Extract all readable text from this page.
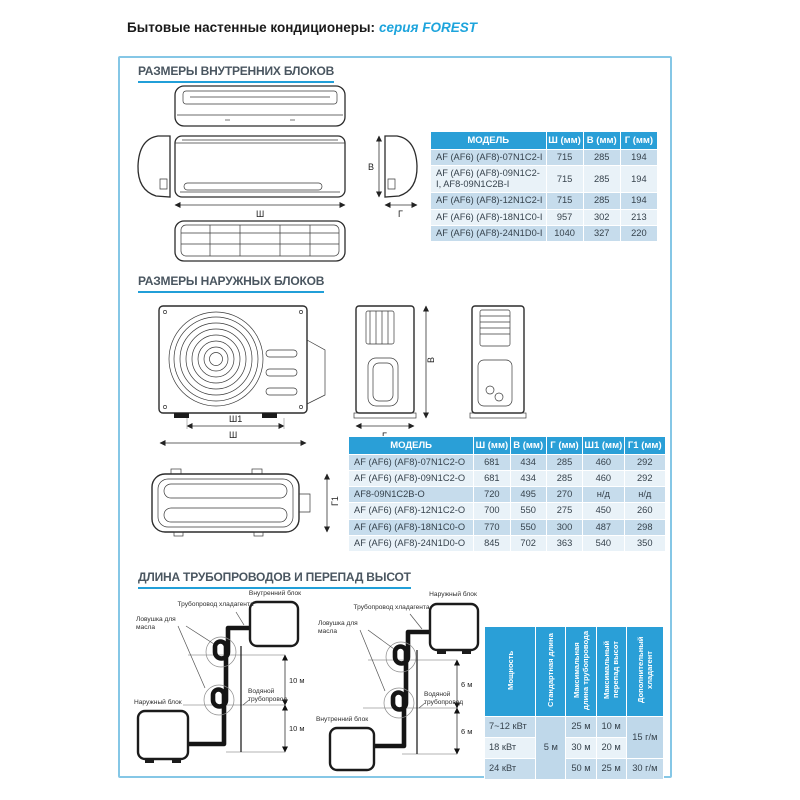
Бытовые настенные кондиционеры: серия FOREST
РАЗМЕРЫ ВНУТРЕННИХ БЛОКОВ
Ш
В
Г
МОДЕЛЬ	Ш (мм)	В (мм)	Г (мм)
AF (AF6) (AF8)-07N1C2-I	715	285	194
AF (AF6) (AF8)-09N1C2-I, AF8-09N1C2B-I	715	285	194
AF (AF6) (AF8)-12N1C2-I	715	285	194
AF (AF6) (AF8)-18N1C0-I	957	302	213
AF (AF6) (AF8)-24N1D0-I	1040	327	220
РАЗМЕРЫ НАРУЖНЫХ БЛОКОВ
Ш1
Ш
Г1
В
МОДЕЛЬ	Ш (мм)	В (мм)	Г (мм)	Ш1 (мм)	Г1 (мм)
AF (AF6) (AF8)-07N1C2-O	681	434	285	460	292
AF (AF6) (AF8)-09N1C2-O	681	434	285	460	292
AF8-09N1C2B-O	720	495	270	н/д	н/д
AF (AF6) (AF8)-12N1C2-O	700	550	275	450	260
AF (AF6) (AF8)-18N1C0-O	770	550	300	487	298
AF (AF6) (AF8)-24N1D0-O	845	702	363	540	350
ДЛИНА ТРУБОПРОВОДОВ И ПЕРЕПАД ВЫСОТ
10 м
10 м
Внутренний блок
Трубопровод хладагента
Ловушка для масла
Наружный блок
Водяной трубопровод
6 м
6 м
Наружный блок
Трубопровод хладагента
Ловушка для масла
Внутренний блок
Водяной трубопровод
Мощность	Стандартная длина	Максимальная длина трубопровода	Максимальный перепад высот	Дополнительный хладагент
7~12 кВт	5 м	25 м	10 м	15 г/м
18 кВт		30 м	20 м	
24 кВт		50 м	25 м	30 г/м
